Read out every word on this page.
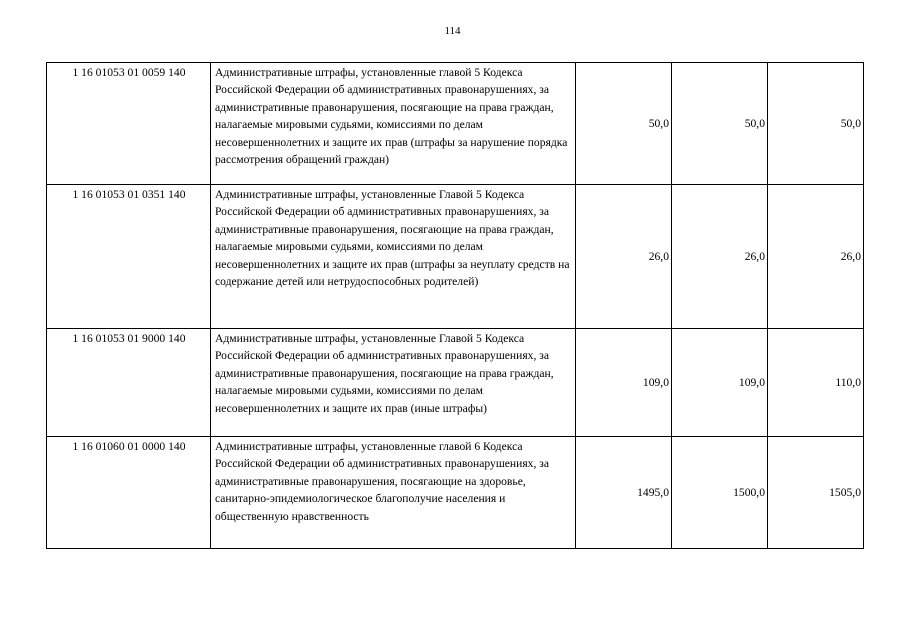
114
1 16 01053 01 0059 140	Административные штрафы, установленные главой 5 Кодекса Российской Федерации об административных правонарушениях, за административные правонарушения, посягающие на права граждан, налагаемые мировыми судьями, комиссиями по делам несовершеннолетних и защите их прав (штрафы за нарушение порядка рассмотрения обращений граждан)	50,0	50,0	50,0
1 16 01053 01 0351 140	Административные штрафы, установленные Главой 5 Кодекса Российской Федерации об административных правонарушениях, за административные правонарушения, посягающие на права граждан, налагаемые мировыми судьями, комиссиями по делам несовершеннолетних и защите их прав (штрафы за неуплату средств на содержание детей или нетрудоспособных родителей)	26,0	26,0	26,0
1 16 01053 01 9000 140	Административные штрафы, установленные Главой 5 Кодекса Российской Федерации об административных правонарушениях, за административные правонарушения, посягающие на права граждан, налагаемые мировыми судьями, комиссиями по делам несовершеннолетних и защите их прав (иные штрафы)	109,0	109,0	110,0
1 16 01060 01 0000 140	Административные штрафы, установленные главой 6 Кодекса Российской Федерации об административных правонарушениях, за административные правонарушения, посягающие на здоровье, санитарно-эпидемиологическое благополучие населения и общественную нравственность	1495,0	1500,0	1505,0
